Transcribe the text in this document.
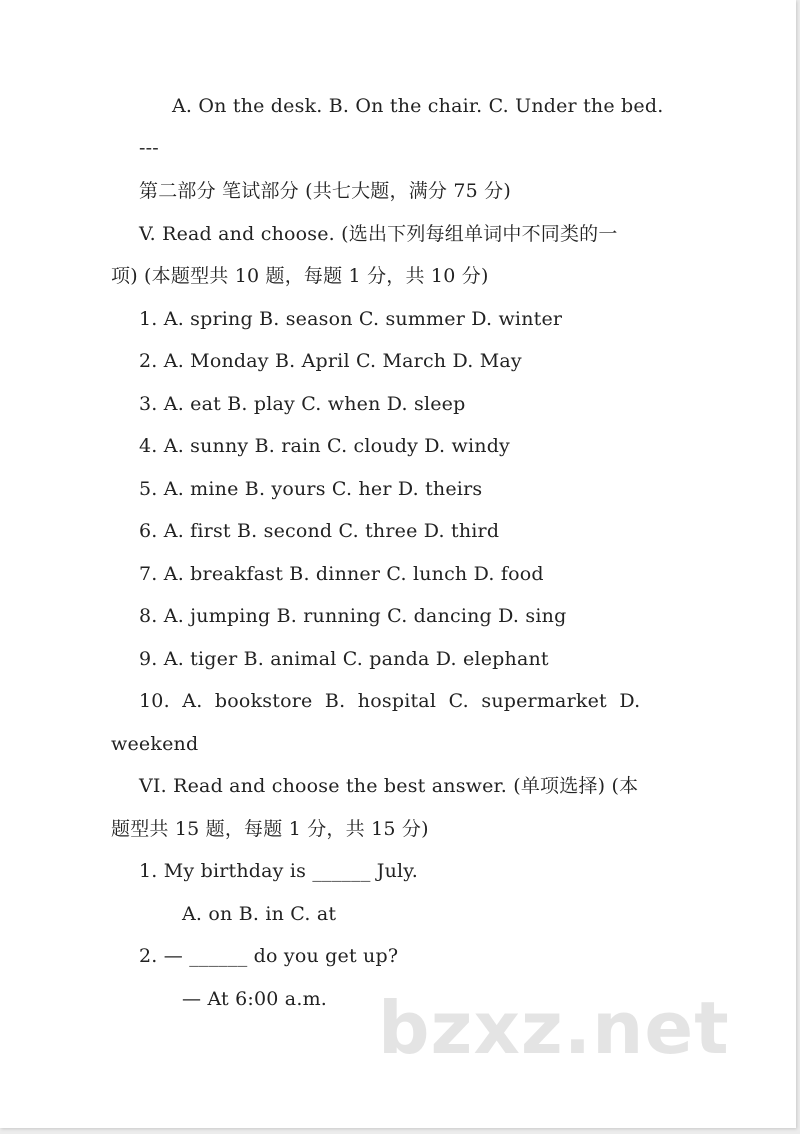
A. On the desk. B. On the chair. C. Under the bed.
---
第二部分 笔试部分 (共七大题，满分 75 分)
V. Read and choose. (选出下列每组单词中不同类的一
项) (本题型共 10 题，每题 1 分，共 10 分)
1. A. spring B. season C. summer D. winter
2. A. Monday B. April C. March D. May
3. A. eat B. play C. when D. sleep
4. A. sunny B. rain C. cloudy D. windy
5. A. mine B. yours C. her D. theirs
6. A. first B. second C. three D. third
7. A. breakfast B. dinner C. lunch D. food
8. A. jumping B. running C. dancing D. sing
9. A. tiger B. animal C. panda D. elephant
10.  A.  bookstore  B.  hospital  C.  supermarket  D.
weekend
VI. Read and choose the best answer. (单项选择) (本
题型共 15 题，每题 1 分，共 15 分)
1. My birthday is ______ July.
A. on B. in C. at
2. — ______ do you get up?
— At 6:00 a.m. bzxz.net
